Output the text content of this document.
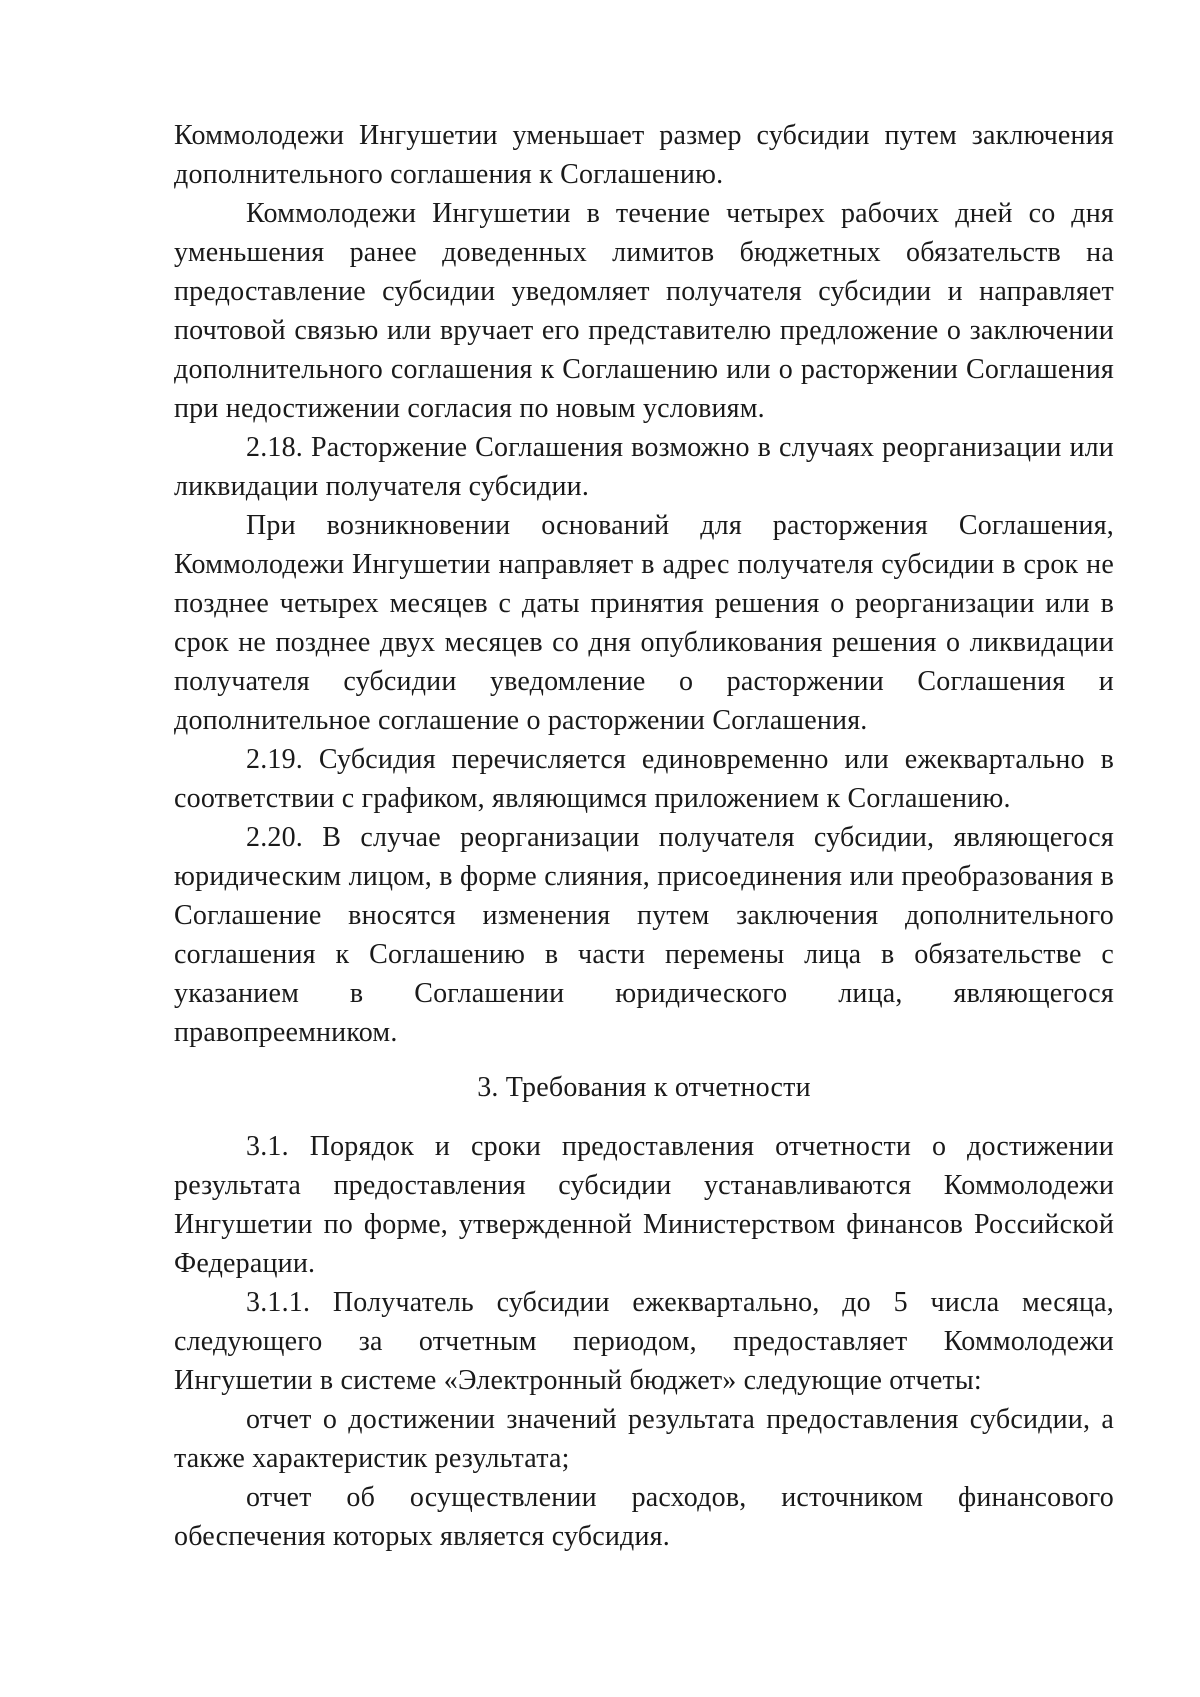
Коммолодежи Ингушетии уменьшает размер субсидии путем заключения дополнительного соглашения к Соглашению.

Коммолодежи Ингушетии в течение четырех рабочих дней со дня уменьшения ранее доведенных лимитов бюджетных обязательств на предоставление субсидии уведомляет получателя субсидии и направляет почтовой связью или вручает его представителю предложение о заключении дополнительного соглашения к Соглашению или о расторжении Соглашения при недостижении согласия по новым условиям.

2.18. Расторжение Соглашения возможно в случаях реорганизации или ликвидации получателя субсидии.

При возникновении оснований для расторжения Соглашения, Коммолодежи Ингушетии направляет в адрес получателя субсидии в срок не позднее четырех месяцев с даты принятия решения о реорганизации или в срок не позднее двух месяцев со дня опубликования решения о ликвидации получателя субсидии уведомление о расторжении Соглашения и дополнительное соглашение о расторжении Соглашения.

2.19. Субсидия перечисляется единовременно или ежеквартально в соответствии с графиком, являющимся приложением к Соглашению.

2.20. В случае реорганизации получателя субсидии, являющегося юридическим лицом, в форме слияния, присоединения или преобразования в Соглашение вносятся изменения путем заключения дополнительного соглашения к Соглашению в части перемены лица в обязательстве с указанием в Соглашении юридического лица, являющегося правопреемником.

3. Требования к отчетности

3.1. Порядок и сроки предоставления отчетности о достижении результата предоставления субсидии устанавливаются Коммолодежи Ингушетии по форме, утвержденной Министерством финансов Российской Федерации.

3.1.1. Получатель субсидии ежеквартально, до 5 числа месяца, следующего за отчетным периодом, предоставляет Коммолодежи Ингушетии в системе «Электронный бюджет» следующие отчеты:

отчет о достижении значений результата предоставления субсидии, а также характеристик результата;

отчет об осуществлении расходов, источником финансового обеспечения которых является субсидия.
